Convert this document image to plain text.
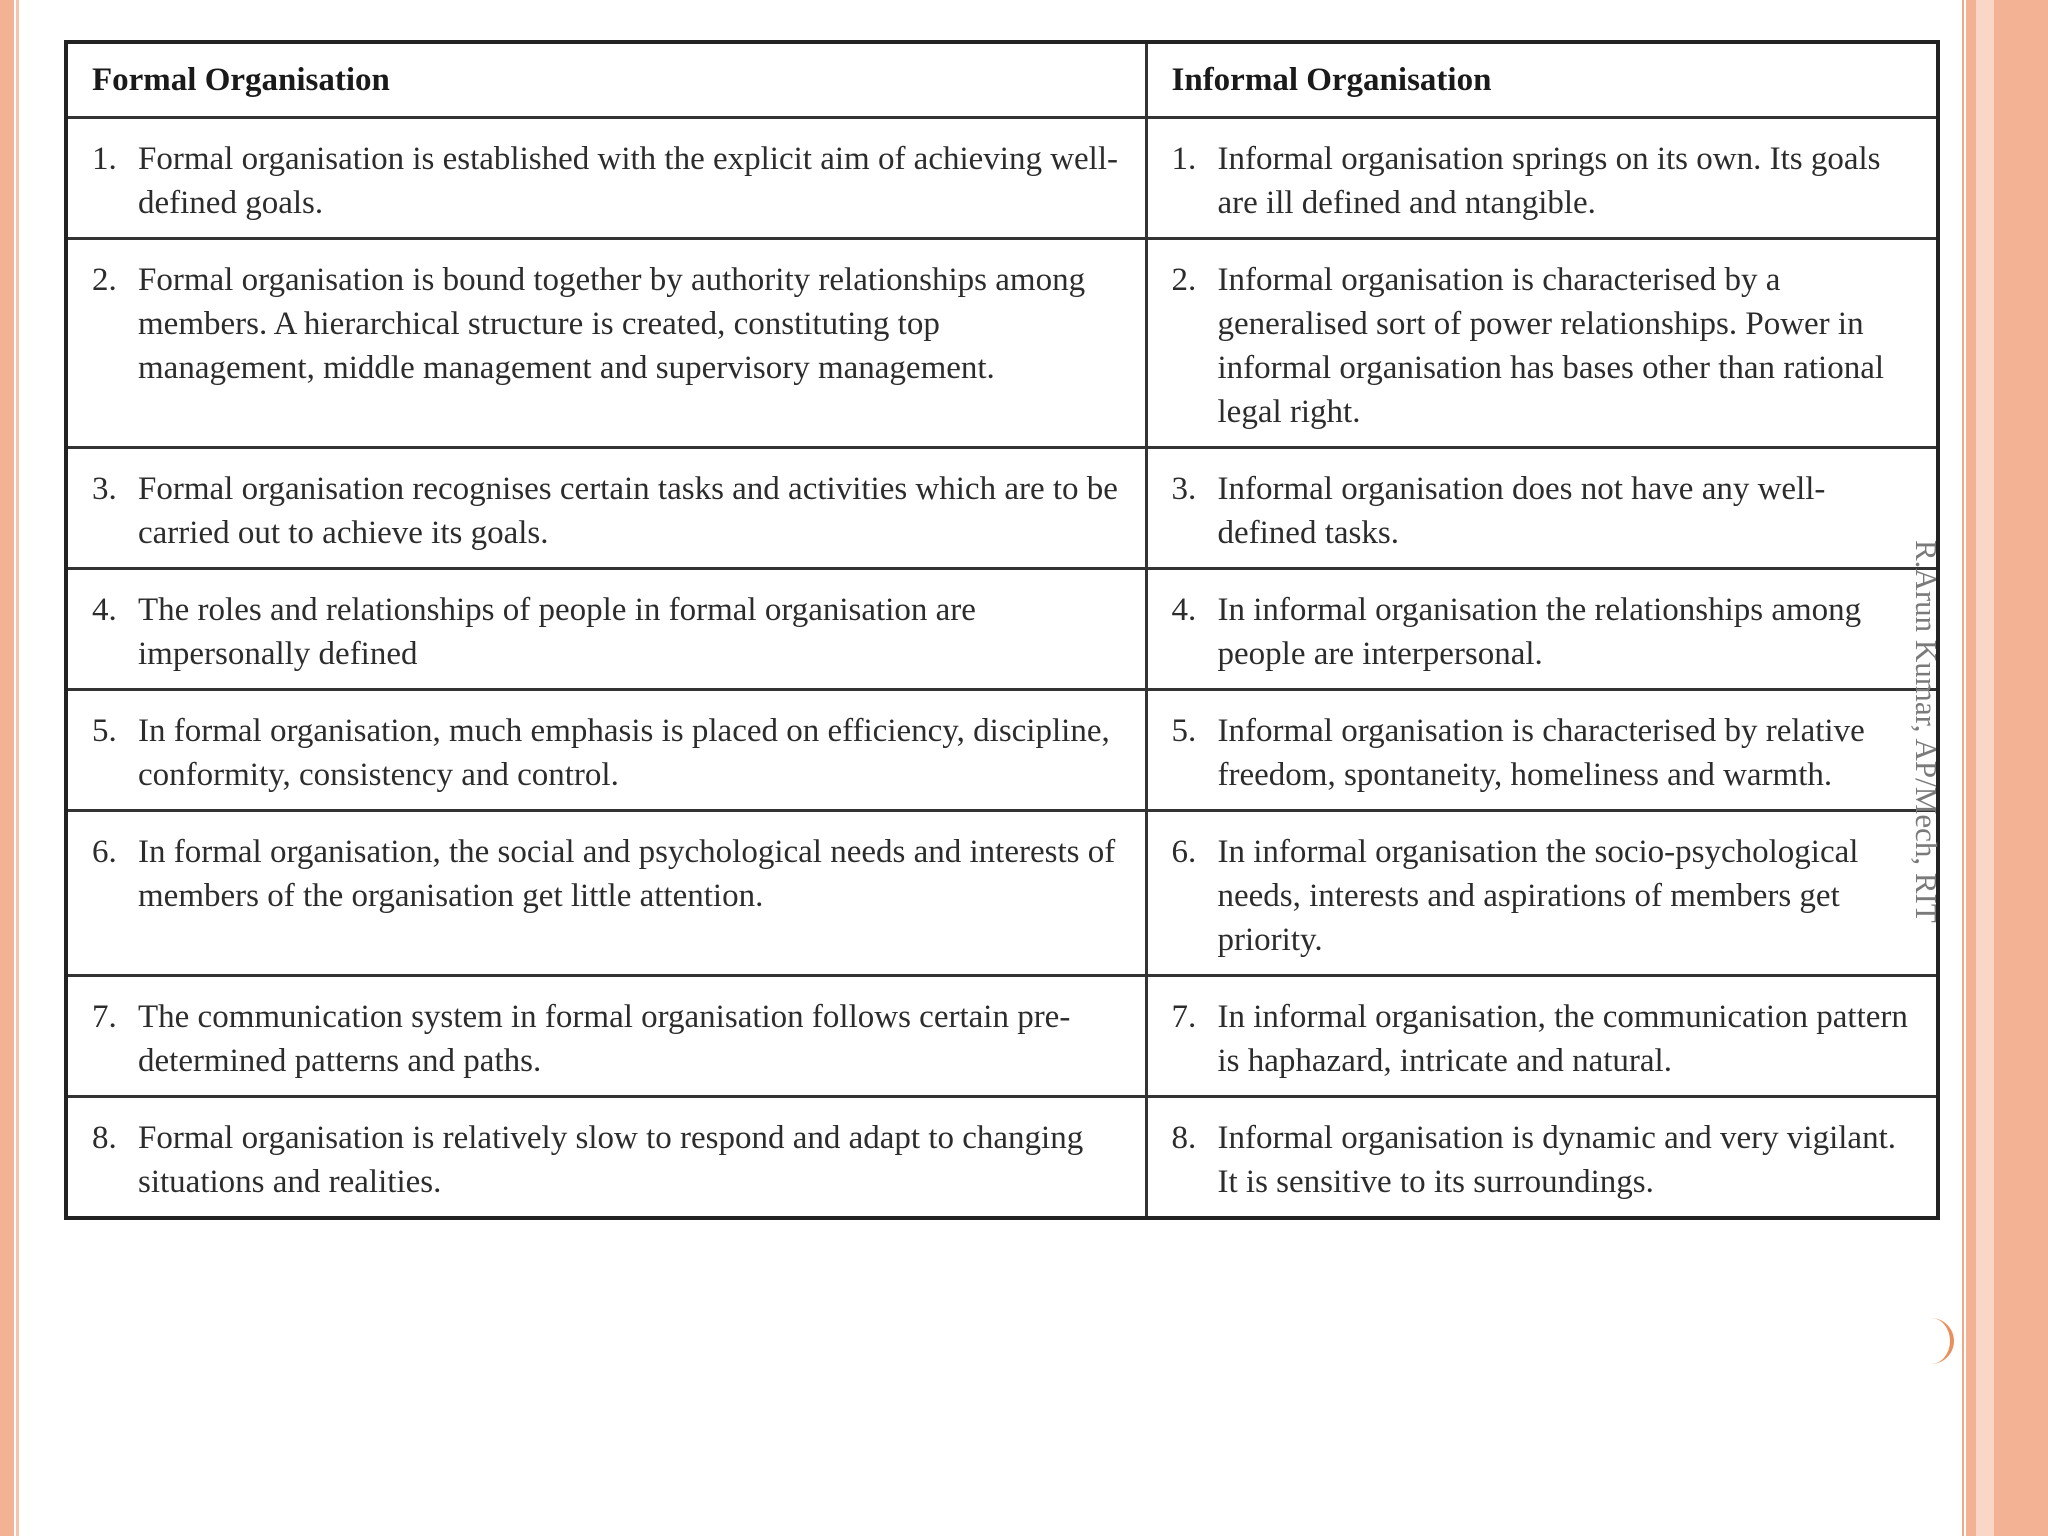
Formal Organisation	Informal Organisation

1. Formal organisation is established with the explicit aim of achieving well-defined goals.	1. Informal organisation springs on its own. Its goals are ill defined and ntangible.

2. Formal organisation is bound together by authority relationships among members. A hierarchical structure is created, constituting top management, middle management and supervisory management.	2. Informal organisation is characterised by a generalised sort of power relationships. Power in informal organisation has bases other than rational legal right.

3. Formal organisation recognises certain tasks and activities which are to be carried out to achieve its goals.	3. Informal organisation does not have any well-defined tasks.

4. The roles and relationships of people in formal organisation are impersonally defined	4. In informal organisation the relationships among people are interpersonal.

5. In formal organisation, much emphasis is placed on efficiency, discipline, conformity, consistency and control.	5. Informal organisation is characterised by relative freedom, spontaneity, homeliness and warmth.

6. In formal organisation, the social and psychological needs and interests of members of the organisation get little attention.	6. In informal organisation the socio-psychological needs, interests and aspirations of members get priority.

7. The communication system in formal organisation follows certain pre-determined patterns and paths.	7. In informal organisation, the communication pattern is haphazard, intricate and natural.

8. Formal organisation is relatively slow to respond and adapt to changing situations and realities.	8. Informal organisation is dynamic and very vigilant. It is sensitive to its surroundings.
R.Arun Kumar, AP/Mech, RIT
